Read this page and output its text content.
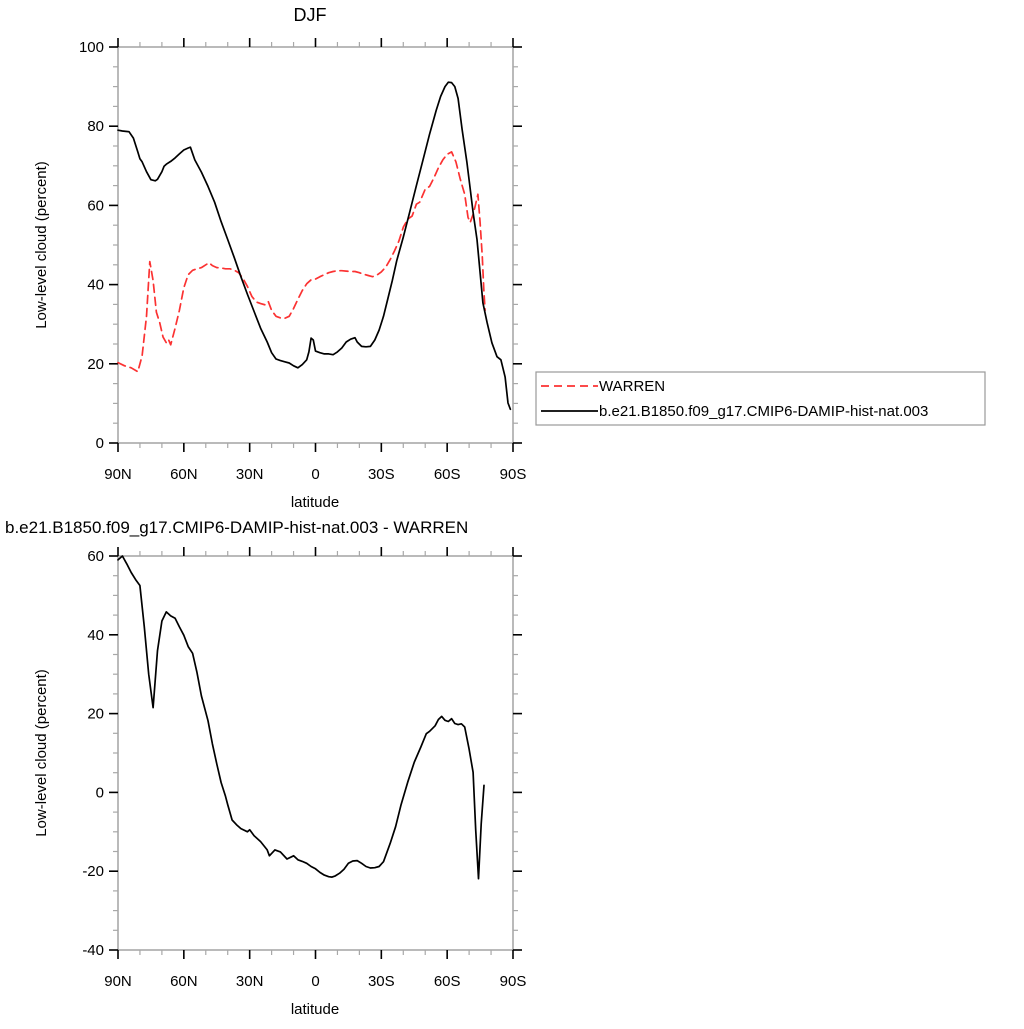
DJF
Low-level cloud (percent)
90N	60N	30N	0	30S	60S	90S
0
20
40
60
80
100
latitude
WARREN
b.e21.B1850.f09_g17.CMIP6-DAMIP-hist-nat.003
b.e21.B1850.f09_g17.CMIP6-DAMIP-hist-nat.003 - WARREN
Low-level cloud (percent)
90N	60N	30N	0	30S	60S	90S
-40
-20
0
20
40
60
latitude
